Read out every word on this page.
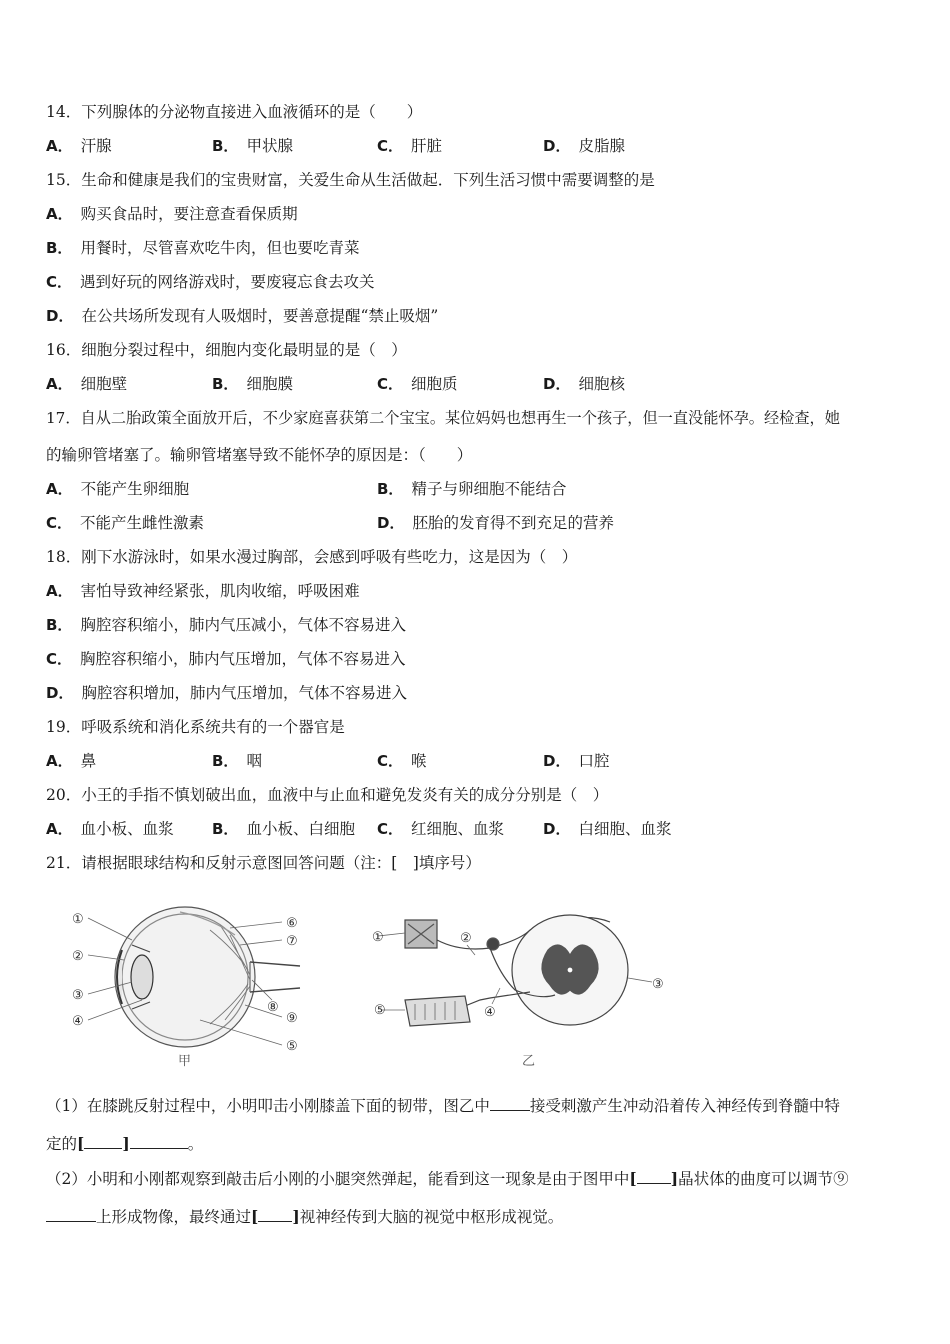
14．下列腺体的分泌物直接进入血液循环的是（　　）
A． 汗腺	B． 甲状腺	C． 肝脏	D． 皮脂腺
15．生命和健康是我们的宝贵财富，关爱生命从生活做起．下列生活习惯中需要调整的是
A． 购买食品时，要注意查看保质期
B． 用餐时，尽管喜欢吃牛肉，但也要吃青菜
C． 遇到好玩的网络游戏时，要废寝忘食去攻关
D． 在公共场所发现有人吸烟时，要善意提醒“禁止吸烟”
16．细胞分裂过程中，细胞内变化最明显的是（　）
A． 细胞壁	B． 细胞膜	C． 细胞质	D． 细胞核
17．自从二胎政策全面放开后，不少家庭喜获第二个宝宝。某位妈妈也想再生一个孩子，但一直没能怀孕。经检查，她
的输卵管堵塞了。输卵管堵塞导致不能怀孕的原因是：（　　）
A． 不能产生卵细胞	B． 精子与卵细胞不能结合
C． 不能产生雌性激素	D． 胚胎的发育得不到充足的营养
18．刚下水游泳时，如果水漫过胸部，会感到呼吸有些吃力，这是因为（　）
A． 害怕导致神经紧张，肌肉收缩，呼吸困难
B． 胸腔容积缩小，肺内气压减小，气体不容易进入
C． 胸腔容积缩小，肺内气压增加，气体不容易进入
D． 胸腔容积增加，肺内气压增加，气体不容易进入
19．呼吸系统和消化系统共有的一个器官是
A． 鼻	B． 咽	C． 喉	D． 口腔
20．小王的手指不慎划破出血，血液中与止血和避免发炎有关的成分分别是（　）
A． 血小板、血浆	B． 血小板、白细胞 C． 红细胞、血浆	D． 白细胞、血浆
21．请根据眼球结构和反射示意图回答问题（注：[　]填序号）
①
②
③
④
⑤
⑥
⑦
⑧
⑨
甲
①	②
③
④
⑤
乙
（1）在膝跳反射过程中，小明叩击小刚膝盖下面的韧带，图乙中	接受刺激产生冲动沿着传入神经传到脊髓中特
定的[ ]	。
（2）小明和小刚都观察到敲击后小刚的小腿突然弹起，能看到这一现象是由于图甲中[ ]晶状体的曲度可以调节⑨
上形成物像，最终通过[ ]视神经传到大脑的视觉中枢形成视觉。
